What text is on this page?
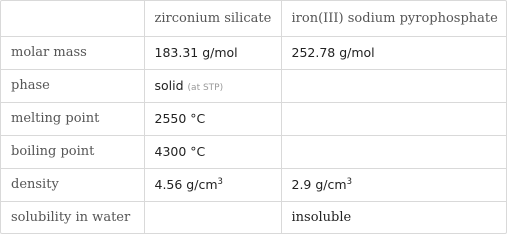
	zirconium silicate	iron(III) sodium pyrophosphate
molar mass	183.31 g/mol	252.78 g/mol
phase	solid (at STP)	
melting point	2550 °C	
boiling point	4300 °C	
density	4.56 $g/cm^3$	2.9 $g/cm^3$
solubility in water		insoluble
